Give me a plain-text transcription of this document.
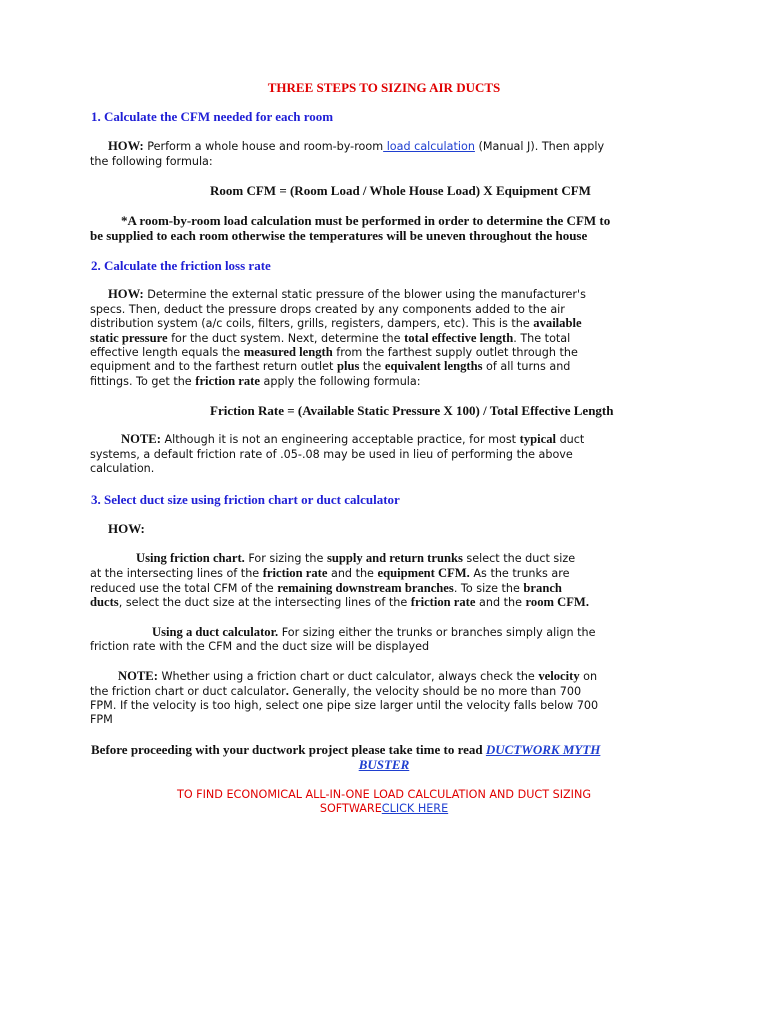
THREE STEPS TO SIZING AIR DUCTS
1. Calculate the CFM needed for each room
HOW: Perform a whole house and room-by-room load calculation (Manual J). Then apply
the following formula:
Room CFM = (Room Load / Whole House Load) X Equipment CFM
*A room-by-room load calculation must be performed in order to determine the CFM to
be supplied to each room otherwise the temperatures will be uneven throughout the house
2. Calculate the friction loss rate
HOW: Determine the external static pressure of the blower using the manufacturer's
specs. Then, deduct the pressure drops created by any components added to the air
distribution system (a/c coils, filters, grills, registers, dampers, etc). This is the available
static pressure for the duct system. Next, determine the total effective length. The total
effective length equals the measured length from the farthest supply outlet through the
equipment and to the farthest return outlet plus the equivalent lengths of all turns and
fittings. To get the friction rate apply the following formula:
Friction Rate = (Available Static Pressure X 100) / Total Effective Length
NOTE: Although it is not an engineering acceptable practice, for most typical duct
systems, a default friction rate of .05-.08 may be used in lieu of performing the above
calculation.
3. Select duct size using friction chart or duct calculator
HOW:
Using friction chart. For sizing the supply and return trunks select the duct size
at the intersecting lines of the friction rate and the equipment CFM. As the trunks are
reduced use the total CFM of the remaining downstream branches. To size the branch
ducts, select the duct size at the intersecting lines of the friction rate and the room CFM.
Using a duct calculator. For sizing either the trunks or branches simply align the
friction rate with the CFM and the duct size will be displayed
NOTE: Whether using a friction chart or duct calculator, always check the velocity on
the friction chart or duct calculator. Generally, the velocity should be no more than 700
FPM. If the velocity is too high, select one pipe size larger until the velocity falls below 700
FPM
Before proceeding with your ductwork project please take time to read DUCTWORK MYTH
BUSTER
TO FIND ECONOMICAL ALL-IN-ONE LOAD CALCULATION AND DUCT SIZING
SOFTWARECLICK HERE
